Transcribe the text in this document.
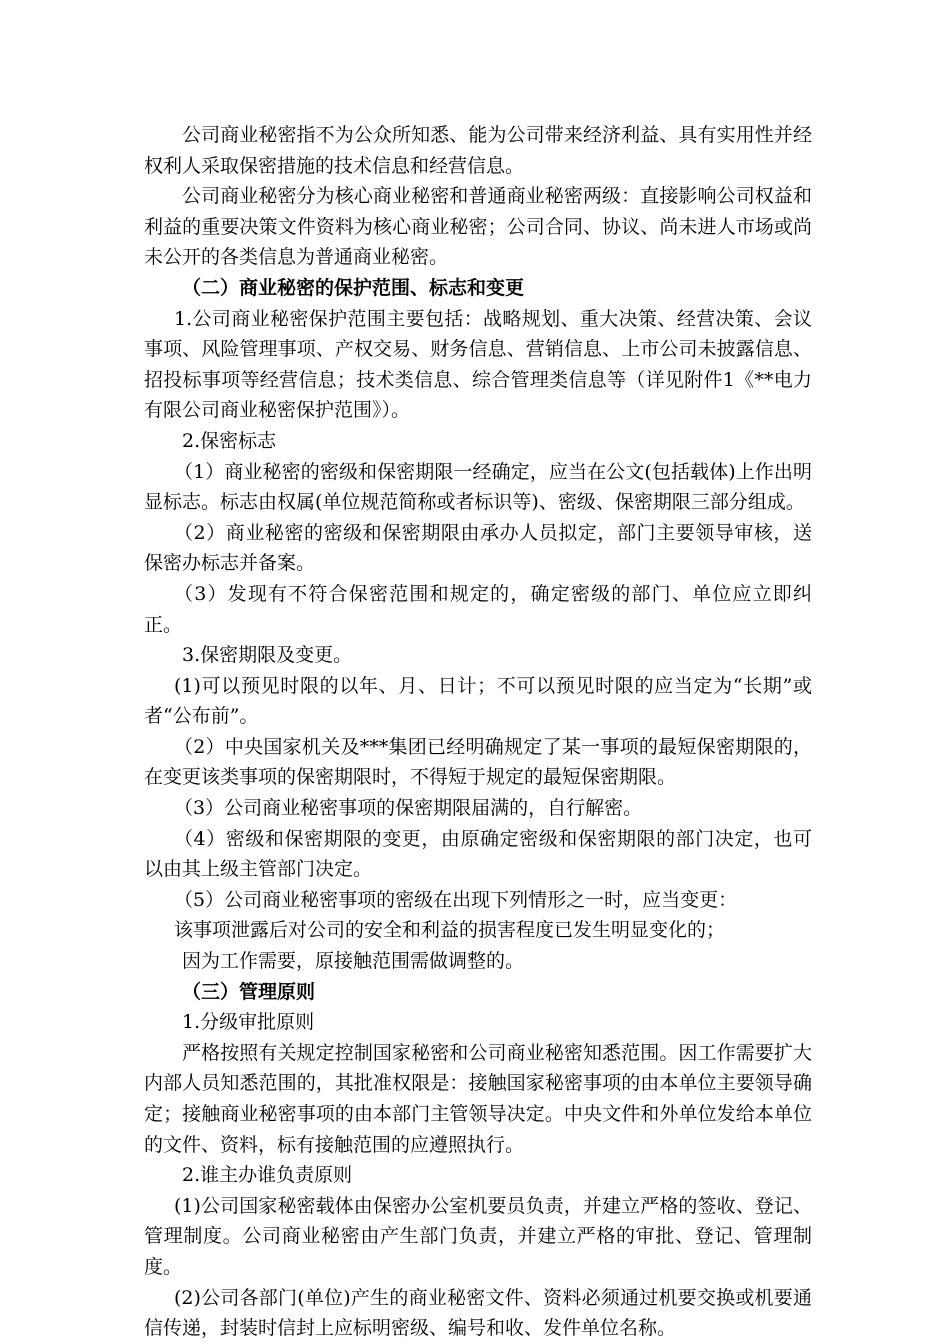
公司商业秘密指不为公众所知悉、能为公司带来经济利益、具有实用性并经权利人采取保密措施的技术信息和经营信息。

公司商业秘密分为核心商业秘密和普通商业秘密两级：直接影响公司权益和利益的重要决策文件资料为核心商业秘密；公司合同、协议、尚未进人市场或尚未公开的各类信息为普通商业秘密。

（二）商业秘密的保护范围、标志和变更

1.公司商业秘密保护范围主要包括：战略规划、重大决策、经营决策、会议事项、风险管理事项、产权交易、财务信息、营销信息、上市公司未披露信息、招投标事项等经营信息；技术类信息、综合管理类信息等（详见附件1《**电力有限公司商业秘密保护范围》）。

2.保密标志

（1）商业秘密的密级和保密期限一经确定，应当在公文(包括载体)上作出明显标志。标志由权属(单位规范简称或者标识等)、密级、保密期限三部分组成。

（2）商业秘密的密级和保密期限由承办人员拟定，部门主要领导审核，送保密办标志并备案。

（3）发现有不符合保密范围和规定的，确定密级的部门、单位应立即纠正。

3.保密期限及变更。

(1)可以预见时限的以年、月、日计；不可以预见时限的应当定为“长期”或者“公布前”。

（2）中央国家机关及***集团已经明确规定了某一事项的最短保密期限的，在变更该类事项的保密期限时，不得短于规定的最短保密期限。

（3）公司商业秘密事项的保密期限届满的，自行解密。

（4）密级和保密期限的变更，由原确定密级和保密期限的部门决定，也可以由其上级主管部门决定。

（5）公司商业秘密事项的密级在出现下列情形之一时，应当变更：

该事项泄露后对公司的安全和利益的损害程度已发生明显变化的；

因为工作需要，原接触范围需做调整的。

（三）管理原则

1.分级审批原则

严格按照有关规定控制国家秘密和公司商业秘密知悉范围。因工作需要扩大内部人员知悉范围的，其批准权限是：接触国家秘密事项的由本单位主要领导确定；接触商业秘密事项的由本部门主管领导决定。中央文件和外单位发给本单位的文件、资料，标有接触范围的应遵照执行。

2.谁主办谁负责原则

(1)公司国家秘密载体由保密办公室机要员负责，并建立严格的签收、登记、管理制度。公司商业秘密由产生部门负责，并建立严格的审批、登记、管理制度。

(2)公司各部门(单位)产生的商业秘密文件、资料必须通过机要交换或机要通信传递，封装时信封上应标明密级、编号和收、发件单位名称。
